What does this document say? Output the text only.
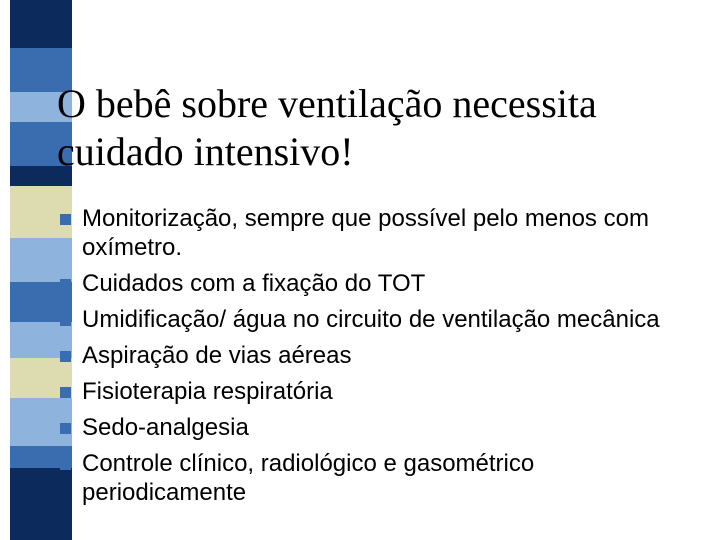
O bebê sobre ventilação necessita
cuidado intensivo!
Monitorização, sempre que possível pelo menos com oxímetro.
Cuidados com a fixação do TOT
Umidificação/ água no circuito de ventilação mecânica
Aspiração de vias aéreas
Fisioterapia respiratória
Sedo-analgesia
Controle clínico, radiológico e gasométrico periodicamente
